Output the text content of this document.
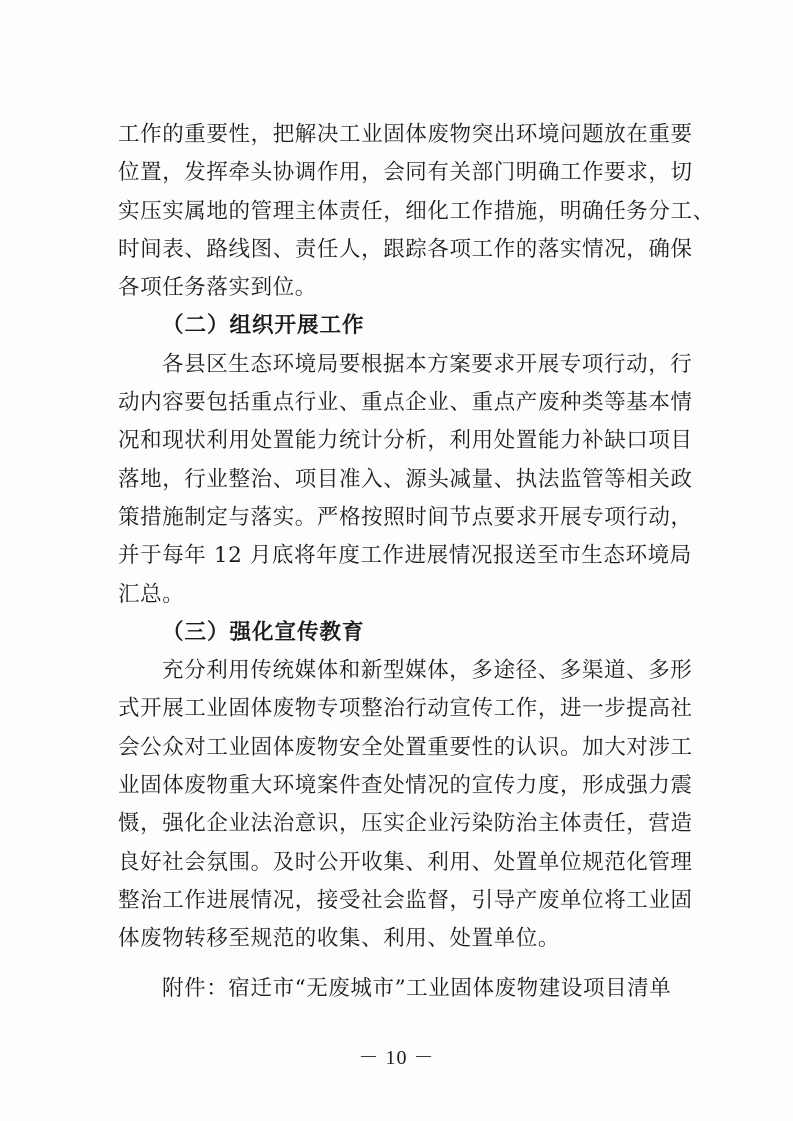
工作的重要性，把解决工业固体废物突出环境问题放在重要
位置，发挥牵头协调作用，会同有关部门明确工作要求，切
实压实属地的管理主体责任，细化工作措施，明确任务分工、
时间表、路线图、责任人，跟踪各项工作的落实情况，确保
各项任务落实到位。
（二）组织开展工作
各县区生态环境局要根据本方案要求开展专项行动，行
动内容要包括重点行业、重点企业、重点产废种类等基本情
况和现状利用处置能力统计分析，利用处置能力补缺口项目
落地，行业整治、项目准入、源头减量、执法监管等相关政
策措施制定与落实。严格按照时间节点要求开展专项行动，
并于每年 12 月底将年度工作进展情况报送至市生态环境局
汇总。
（三）强化宣传教育
充分利用传统媒体和新型媒体，多途径、多渠道、多形
式开展工业固体废物专项整治行动宣传工作，进一步提高社
会公众对工业固体废物安全处置重要性的认识。加大对涉工
业固体废物重大环境案件查处情况的宣传力度，形成强力震
慑，强化企业法治意识，压实企业污染防治主体责任，营造
良好社会氛围。及时公开收集、利用、处置单位规范化管理
整治工作进展情况，接受社会监督，引导产废单位将工业固
体废物转移至规范的收集、利用、处置单位。
附件：宿迁市“无废城市”工业固体废物建设项目清单
－ 10 －
